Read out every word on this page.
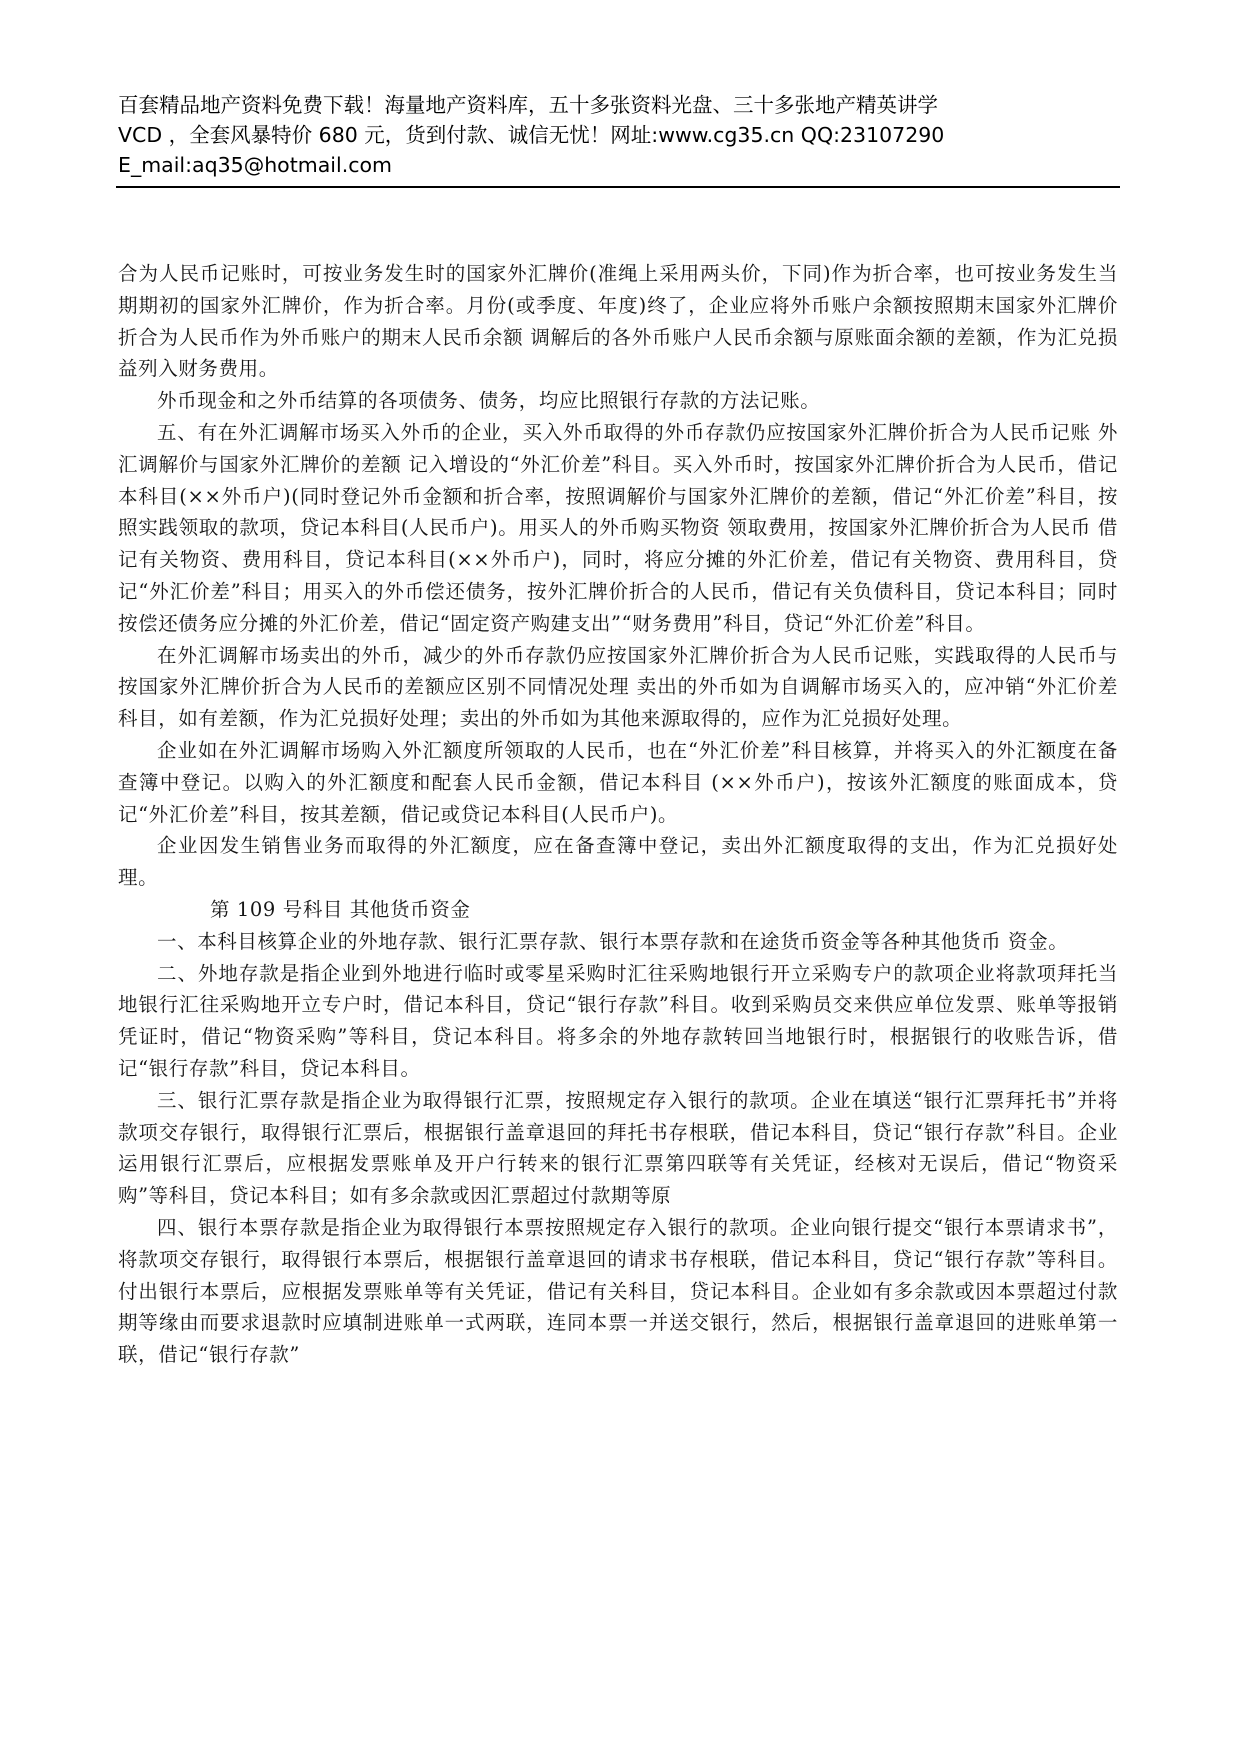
百套精品地产资料免费下载！海量地产资料库，五十多张资料光盘、三十多张地产精英讲学
VCD ，全套风暴特价 680 元，货到付款、诚信无忧！网址:www.cg35.cn QQ:23107290
E_mail:aq35@hotmail.com

合为人民币记账时，可按业务发生时的国家外汇牌价(准绳上采用两头价，下同)作为折合率，也可按业务发生当期期初的国家外汇牌价，作为折合率。月份(或季度、年度)终了，企业应将外币账户余额按照期末国家外汇牌价折合为人民币作为外币账户的期末人民币余额 调解后的各外币账户人民币余额与原账面余额的差额，作为汇兑损益列入财务费用。

外币现金和之外币结算的各项债务、债务，均应比照银行存款的方法记账。

五、有在外汇调解市场买入外币的企业，买入外币取得的外币存款仍应按国家外汇牌价折合为人民币记账 外汇调解价与国家外汇牌价的差额 记入增设的“外汇价差”科目。买入外币时，按国家外汇牌价折合为人民币，借记本科目(××外币户)(同时登记外币金额和折合率，按照调解价与国家外汇牌价的差额，借记“外汇价差”科目，按照实践领取的款项，贷记本科目(人民币户)。用买人的外币购买物资 领取费用，按国家外汇牌价折合为人民币 借记有关物资、费用科目，贷记本科目(××外币户)，同时，将应分摊的外汇价差，借记有关物资、费用科目，贷记“外汇价差”科目；用买入的外币偿还债务，按外汇牌价折合的人民币，借记有关负债科目，贷记本科目；同时按偿还债务应分摊的外汇价差，借记“固定资产购建支出”“财务费用”科目，贷记“外汇价差”科目。

在外汇调解市场卖出的外币，减少的外币存款仍应按国家外汇牌价折合为人民币记账，实践取得的人民币与按国家外汇牌价折合为人民币的差额应区别不同情况处理 卖出的外币如为自调解市场买入的，应冲销“外汇价差 科目，如有差额，作为汇兑损好处理；卖出的外币如为其他来源取得的，应作为汇兑损好处理。

企业如在外汇调解市场购入外汇额度所领取的人民币，也在“外汇价差”科目核算，并将买入的外汇额度在备查簿中登记。以购入的外汇额度和配套人民币金额，借记本科目 (××外币户)，按该外汇额度的账面成本，贷记“外汇价差”科目，按其差额，借记或贷记本科目(人民币户)。

企业因发生销售业务而取得的外汇额度，应在备查簿中登记，卖出外汇额度取得的支出，作为汇兑损好处理。

第 109 号科目 其他货币资金

一、本科目核算企业的外地存款、银行汇票存款、银行本票存款和在途货币资金等各种其他货币 资金。

二、外地存款是指企业到外地进行临时或零星采购时汇往采购地银行开立采购专户的款项企业将款项拜托当地银行汇往采购地开立专户时，借记本科目，贷记“银行存款”科目。收到采购员交来供应单位发票、账单等报销凭证时，借记“物资采购”等科目，贷记本科目。将多余的外地存款转回当地银行时，根据银行的收账告诉，借记“银行存款”科目，贷记本科目。

三、银行汇票存款是指企业为取得银行汇票，按照规定存入银行的款项。企业在填送“银行汇票拜托书”并将款项交存银行，取得银行汇票后，根据银行盖章退回的拜托书存根联，借记本科目，贷记“银行存款”科目。企业运用银行汇票后，应根据发票账单及开户行转来的银行汇票第四联等有关凭证，经核对无误后，借记“物资采购”等科目，贷记本科目；如有多余款或因汇票超过付款期等原

四、银行本票存款是指企业为取得银行本票按照规定存入银行的款项。企业向银行提交“银行本票请求书”，将款项交存银行，取得银行本票后，根据银行盖章退回的请求书存根联，借记本科目，贷记“银行存款”等科目。付出银行本票后，应根据发票账单等有关凭证，借记有关科目，贷记本科目。企业如有多余款或因本票超过付款期等缘由而要求退款时应填制进账单一式两联，连同本票一并送交银行，然后，根据银行盖章退回的进账单第一联，借记“银行存款”
